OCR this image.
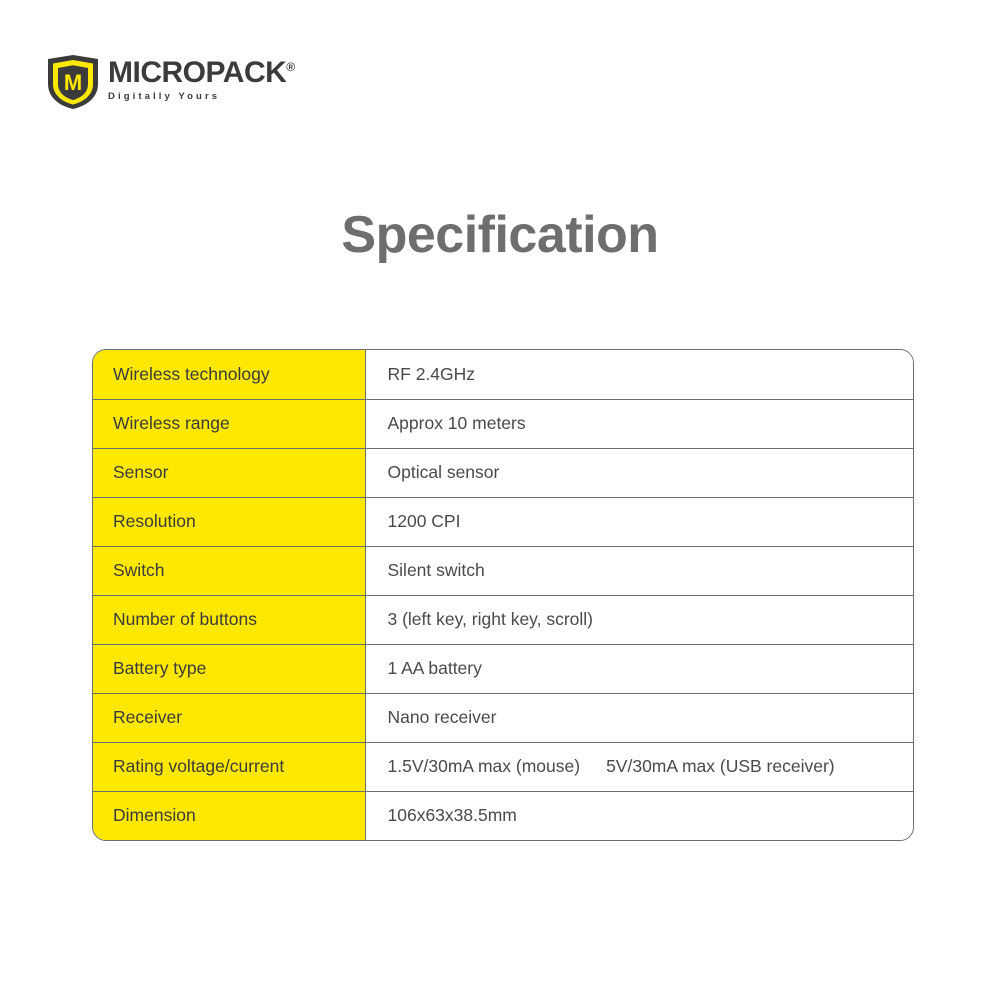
M MICROPACK®
Digitally Yours
Specification
Wireless technology	RF 2.4GHz
Wireless range	Approx 10 meters
Sensor	Optical sensor
Resolution	1200 CPI
Switch	Silent switch
Number of buttons	3 (left key, right key, scroll)
Battery type	1 AA battery
Receiver	Nano receiver
Rating voltage/current	1.5V/30mA max (mouse) 5V/30mA max (USB receiver)
Dimension	106x63x38.5mm
